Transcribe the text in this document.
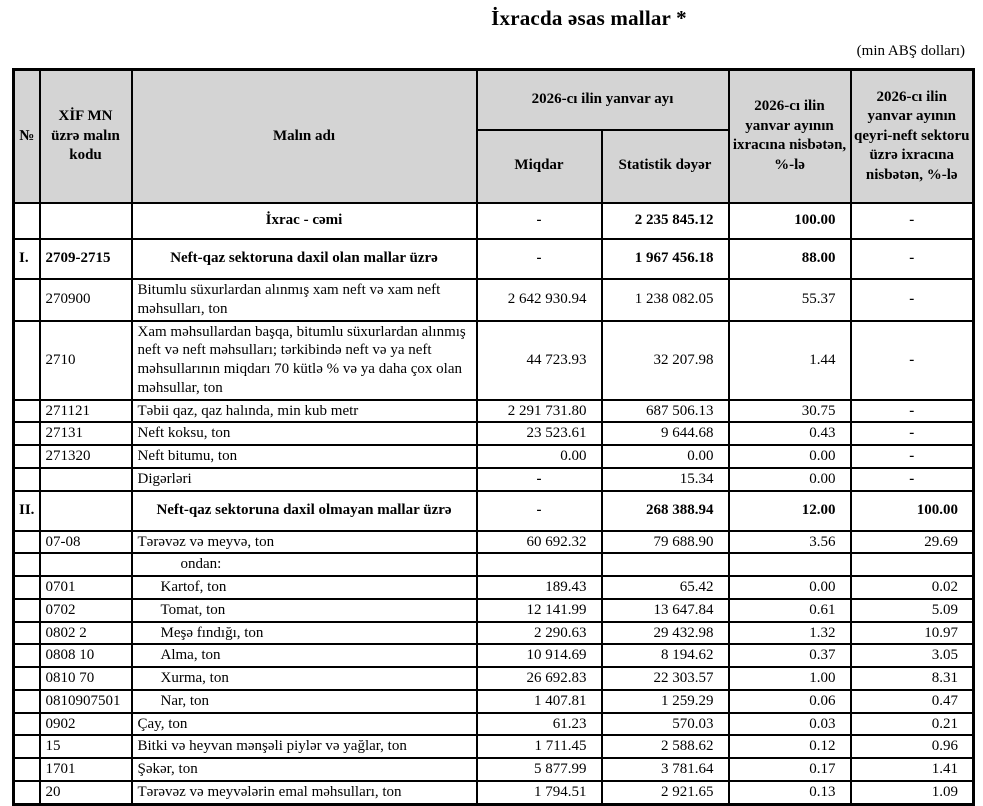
İxracda əsas mallar *
(min ABŞ dolları)
№	XİF MN üzrə malın kodu	Malın adı	2026-cı ilin yanvar ayı		2026-cı ilin yanvar ayının ixracına nisbətən, %-lə	2026-cı ilin yanvar ayının qeyri-neft sektoru üzrə ixracına nisbətən, %-lə
			Miqdar	Statistik dəyər		
		İxrac - cəmi	-	2 235 845.12	100.00	-
I.	2709-2715	Neft-qaz sektoruna daxil olan mallar üzrə	-	1 967 456.18	88.00	-
	270900	Bitumlu süxurlardan alınmış xam neft və xam neft məhsulları, ton	2 642 930.94	1 238 082.05	55.37	-
	2710	Xam məhsullardan başqa, bitumlu süxurlardan alınmış neft və neft məhsulları; tərkibində neft və ya neft məhsullarının miqdarı 70 kütlə % və ya daha çox olan məhsullar, ton	44 723.93	32 207.98	1.44	-
	271121	Təbii qaz, qaz halında, min kub metr	2 291 731.80	687 506.13	30.75	-
	27131	Neft koksu, ton	23 523.61	9 644.68	0.43	-
	271320	Neft bitumu, ton	0.00	0.00	0.00	-
		Digərləri	-	15.34	0.00	-
II.		Neft-qaz sektoruna daxil olmayan mallar üzrə	-	268 388.94	12.00	100.00
	07-08	Tərəvəz və meyvə, ton	60 692.32	79 688.90	3.56	29.69
		ondan:				
	0701	Kartof, ton	189.43	65.42	0.00	0.02
	0702	Tomat, ton	12 141.99	13 647.84	0.61	5.09
	0802 2	Meşə fındığı, ton	2 290.63	29 432.98	1.32	10.97
	0808 10	Alma, ton	10 914.69	8 194.62	0.37	3.05
	0810 70	Xurma, ton	26 692.83	22 303.57	1.00	8.31
	0810907501	Nar, ton	1 407.81	1 259.29	0.06	0.47
	0902	Çay, ton	61.23	570.03	0.03	0.21
	15	Bitki və heyvan mənşəli piylər və yağlar, ton	1 711.45	2 588.62	0.12	0.96
	1701	Şəkər, ton	5 877.99	3 781.64	0.17	1.41
	20	Tərəvəz və meyvələrin emal məhsulları, ton	1 794.51	2 921.65	0.13	1.09
